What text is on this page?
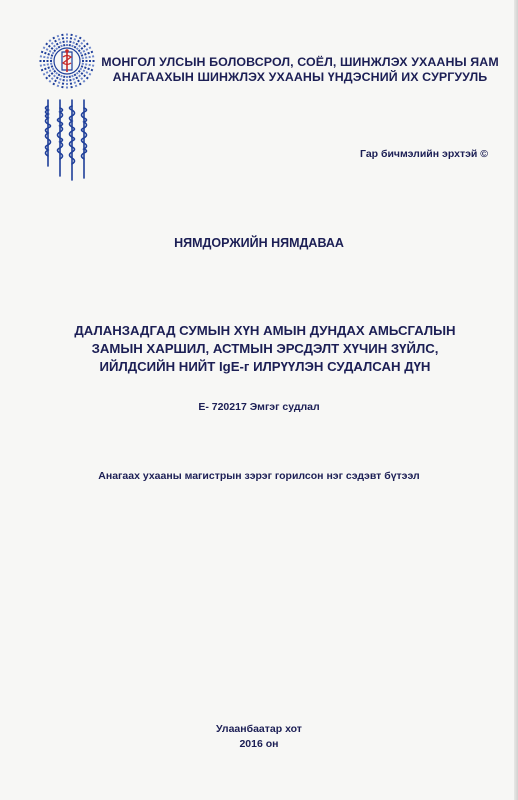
МОНГОЛ УЛСЫН БОЛОВСРОЛ, СОЁЛ, ШИНЖЛЭХ УХААНЫ ЯАМ
АНАГААХЫН ШИНЖЛЭХ УХААНЫ ҮНДЭСНИЙ ИХ СУРГУУЛЬ
Гар бичмэлийн эрхтэй ©
НЯМДОРЖИЙН НЯМДАВАА
ДАЛАНЗАДГАД СУМЫН ХҮН АМЫН ДУНДАХ АМЬСГАЛЫН
ЗАМЫН ХАРШИЛ, АСТМЫН ЭРСДЭЛТ ХҮЧИН ЗҮЙЛС,
ИЙЛДСИЙН НИЙТ IgE-г ИЛРҮҮЛЭН СУДАЛСАН ДҮН
E- 720217 Эмгэг судлал
Анагаах ухааны магистрын зэрэг горилсон нэг сэдэвт бүтээл
Улаанбаатар хот
2016 он
